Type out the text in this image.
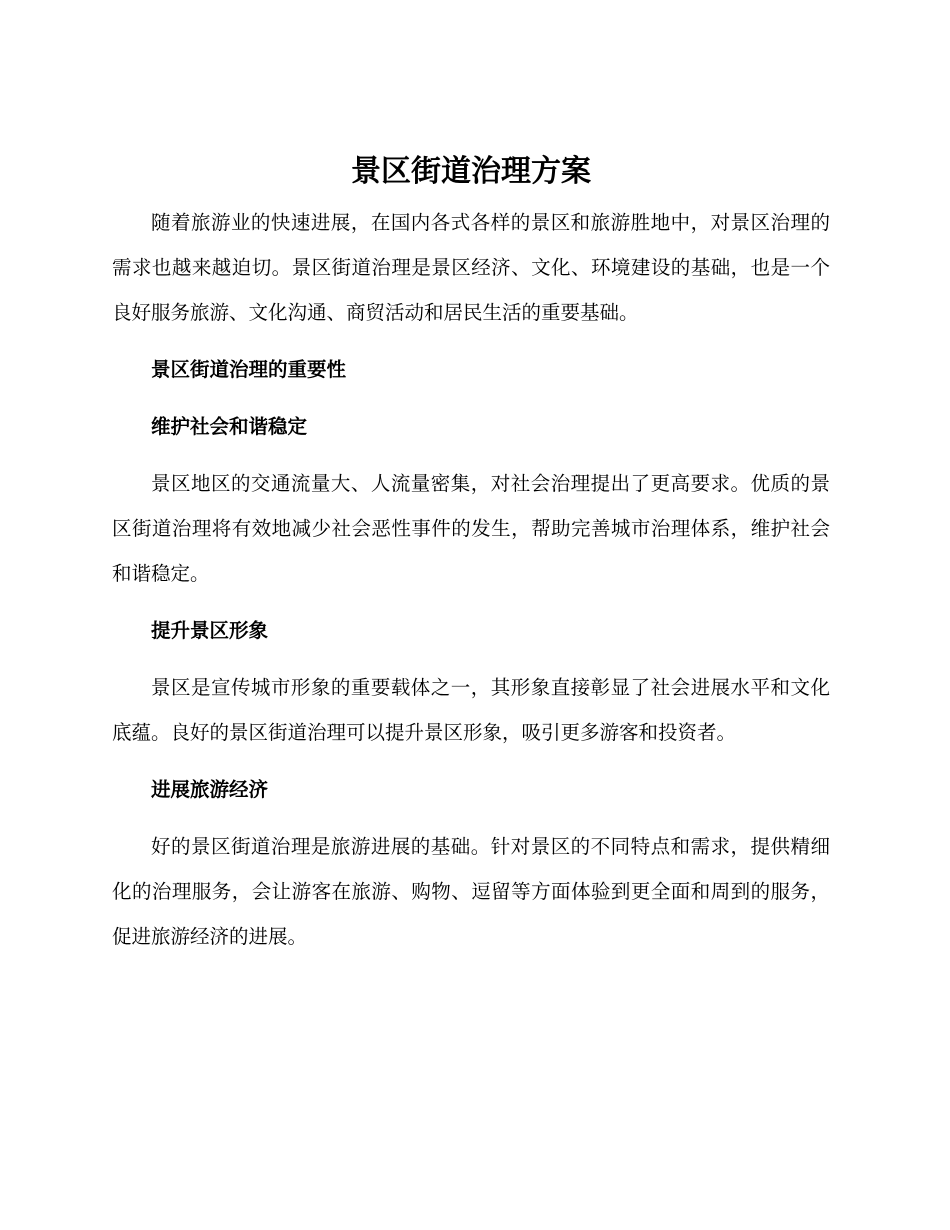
景区街道治理方案

随着旅游业的快速进展，在国内各式各样的景区和旅游胜地中，对景区治理的需求也越来越迫切。景区街道治理是景区经济、文化、环境建设的基础，也是一个良好服务旅游、文化沟通、商贸活动和居民生活的重要基础。

景区街道治理的重要性

维护社会和谐稳定

景区地区的交通流量大、人流量密集，对社会治理提出了更高要求。优质的景区街道治理将有效地减少社会恶性事件的发生，帮助完善城市治理体系，维护社会和谐稳定。

提升景区形象

景区是宣传城市形象的重要载体之一，其形象直接彰显了社会进展水平和文化底蕴。良好的景区街道治理可以提升景区形象，吸引更多游客和投资者。

进展旅游经济

好的景区街道治理是旅游进展的基础。针对景区的不同特点和需求，提供精细化的治理服务，会让游客在旅游、购物、逗留等方面体验到更全面和周到的服务，促进旅游经济的进展。
